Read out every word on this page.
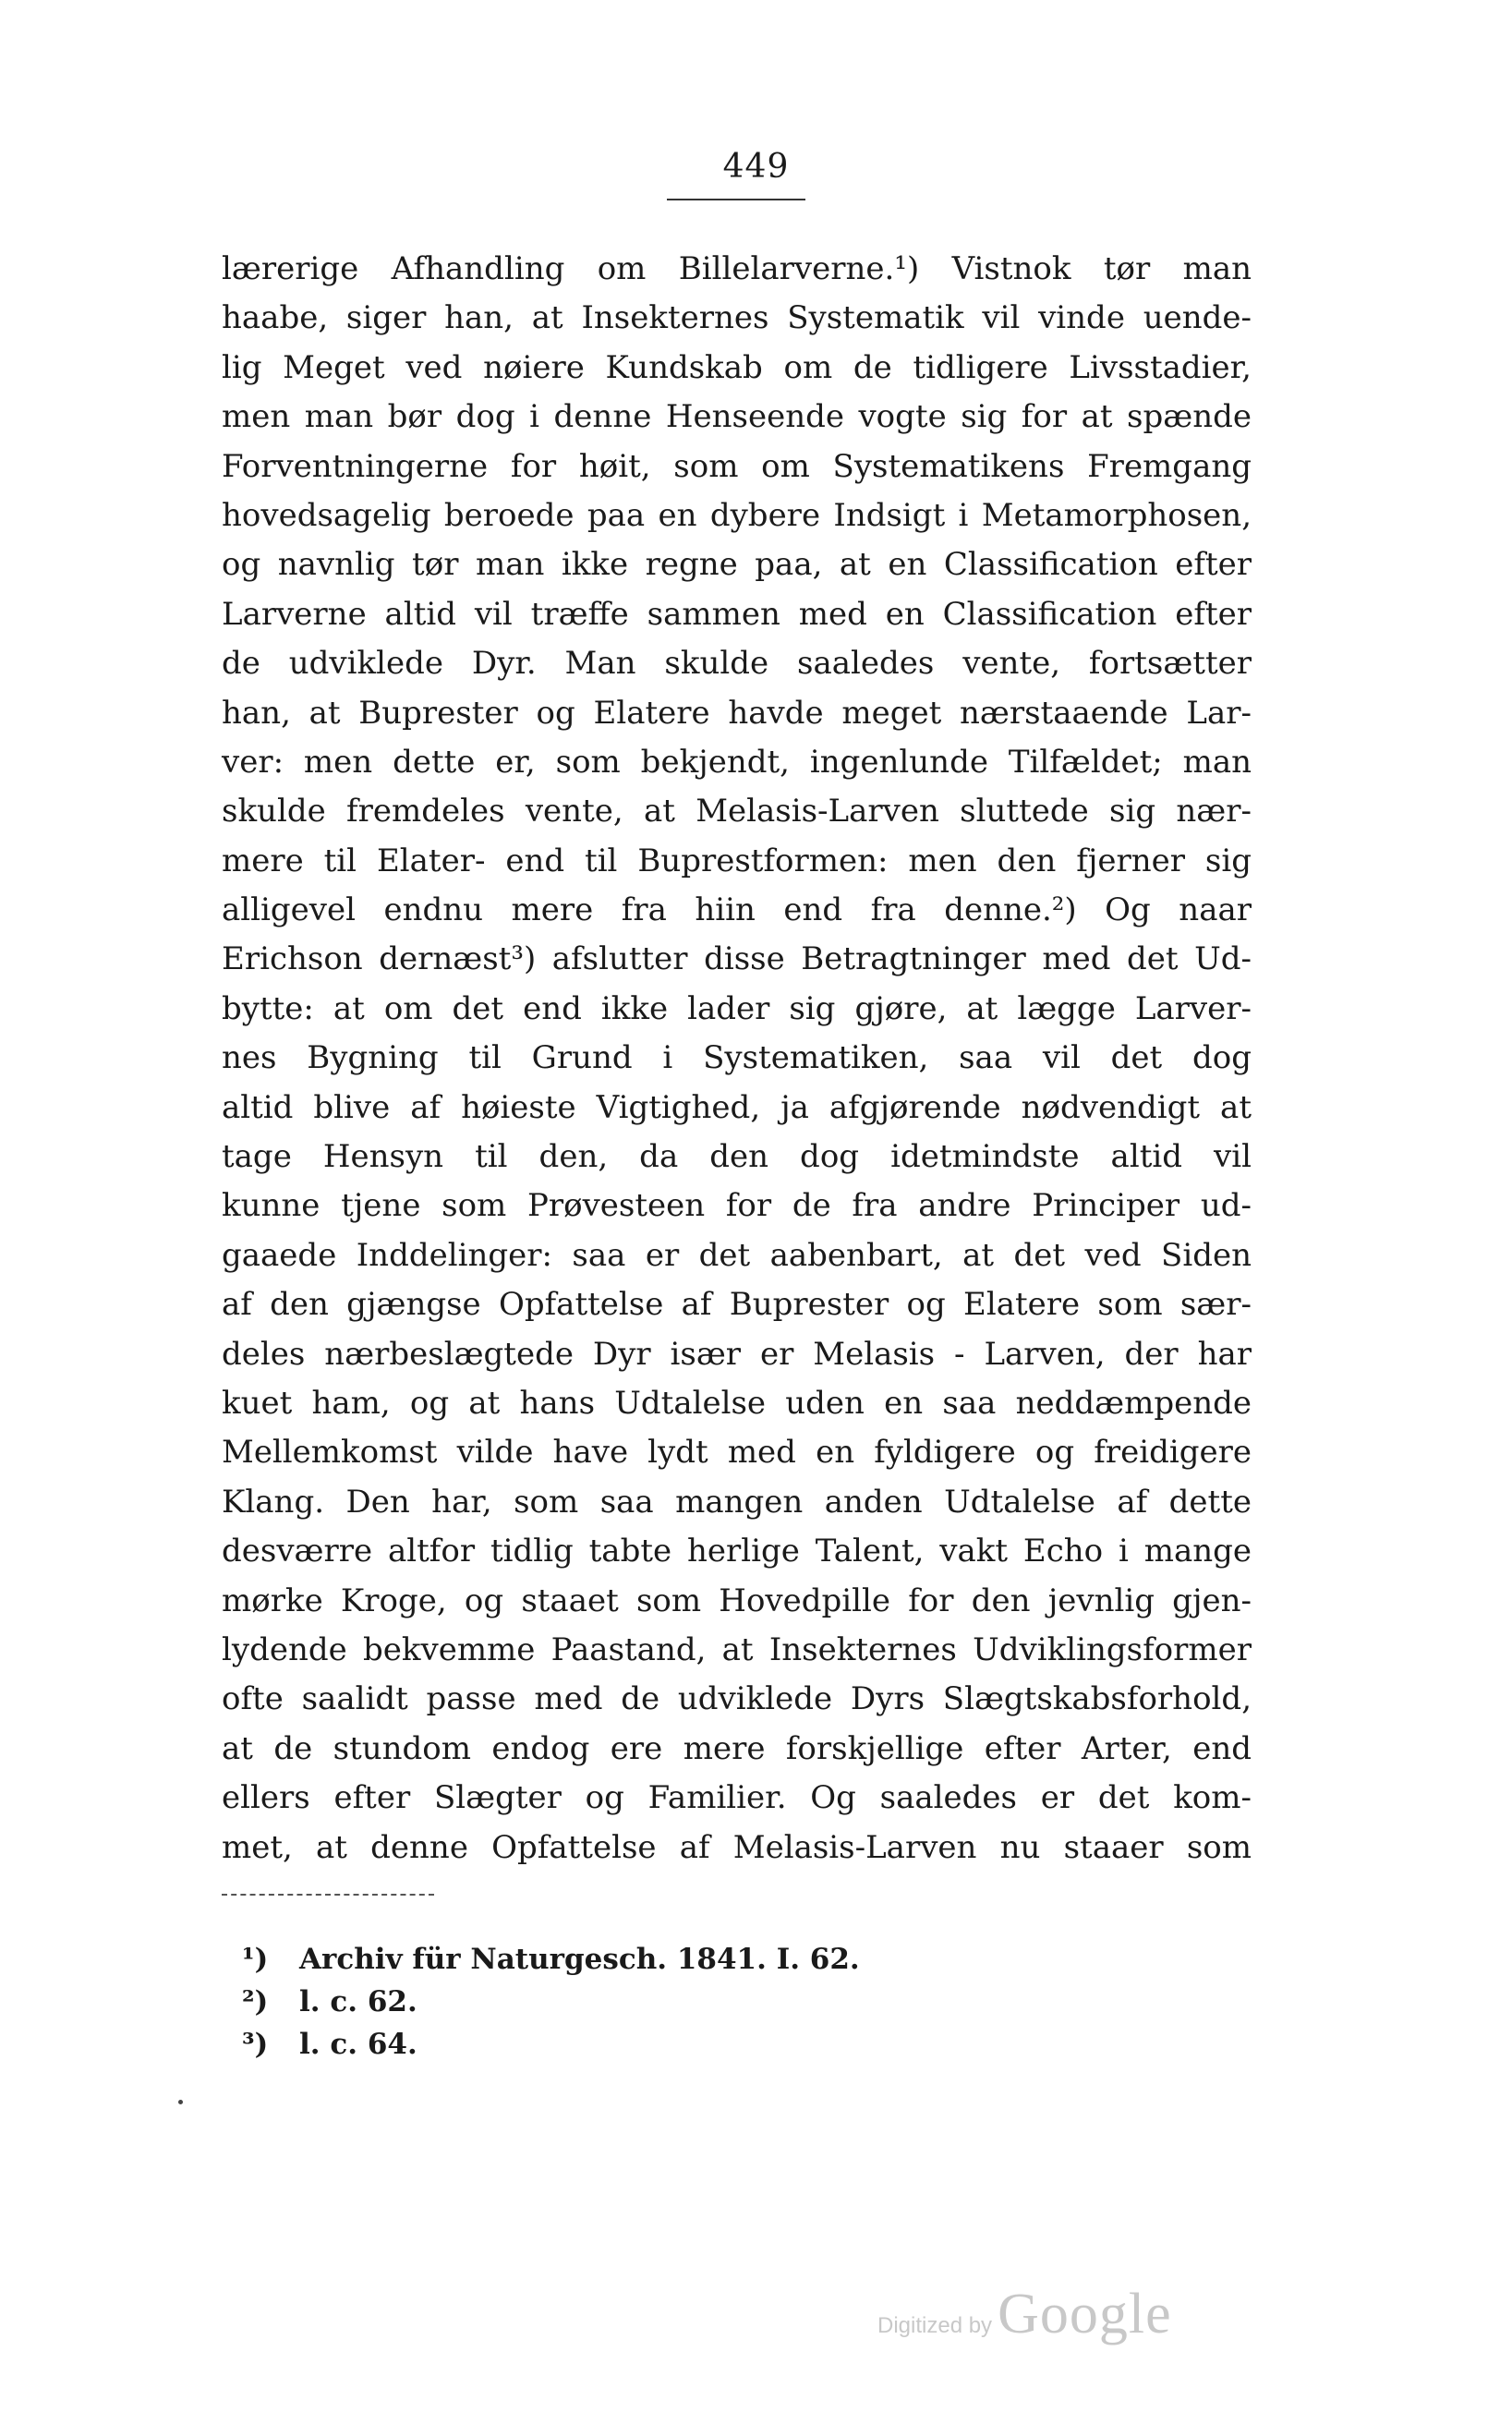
449
lærerige Afhandling om Billelarverne.¹) Vistnok tør man
haabe, siger han, at Insekternes Systematik vil vinde uende-
lig Meget ved nøiere Kundskab om de tidligere Livsstadier,
men man bør dog i denne Henseende vogte sig for at spænde
Forventningerne for høit, som om Systematikens Fremgang
hovedsagelig beroede paa en dybere Indsigt i Metamorphosen,
og navnlig tør man ikke regne paa, at en Classification efter
Larverne altid vil træffe sammen med en Classification efter
de udviklede Dyr. Man skulde saaledes vente, fortsætter
han, at Buprester og Elatere havde meget nærstaaende Lar-
ver: men dette er, som bekjendt, ingenlunde Tilfældet; man
skulde fremdeles vente, at Melasis-Larven sluttede sig nær-
mere til Elater- end til Buprestformen: men den fjerner sig
alligevel endnu mere fra hiin end fra denne.²) Og naar
Erichson dernæst³) afslutter disse Betragtninger med det Ud-
bytte: at om det end ikke lader sig gjøre, at lægge Larver-
nes Bygning til Grund i Systematiken, saa vil det dog
altid blive af høieste Vigtighed, ja afgjørende nødvendigt at
tage Hensyn til den, da den dog idetmindste altid vil
kunne tjene som Prøvesteen for de fra andre Principer ud-
gaaede Inddelinger: saa er det aabenbart, at det ved Siden
af den gjængse Opfattelse af Buprester og Elatere som sær-
deles nærbeslægtede Dyr især er Melasis - Larven, der har
kuet ham, og at hans Udtalelse uden en saa neddæmpende
Mellemkomst vilde have lydt med en fyldigere og freidigere
Klang. Den har, som saa mangen anden Udtalelse af dette
desværre altfor tidlig tabte herlige Talent, vakt Echo i mange
mørke Kroge, og staaet som Hovedpille for den jevnlig gjen-
lydende bekvemme Paastand, at Insekternes Udviklingsformer
ofte saalidt passe med de udviklede Dyrs Slægtskabsforhold,
at de stundom endog ere mere forskjellige efter Arter, end
ellers efter Slægter og Familier. Og saaledes er det kom-
met, at denne Opfattelse af Melasis-Larven nu staaer som
¹) Archiv für Naturgesch. 1841. I. 62.
²) l. c. 62.
³) l. c. 64.
Digitized by Google
